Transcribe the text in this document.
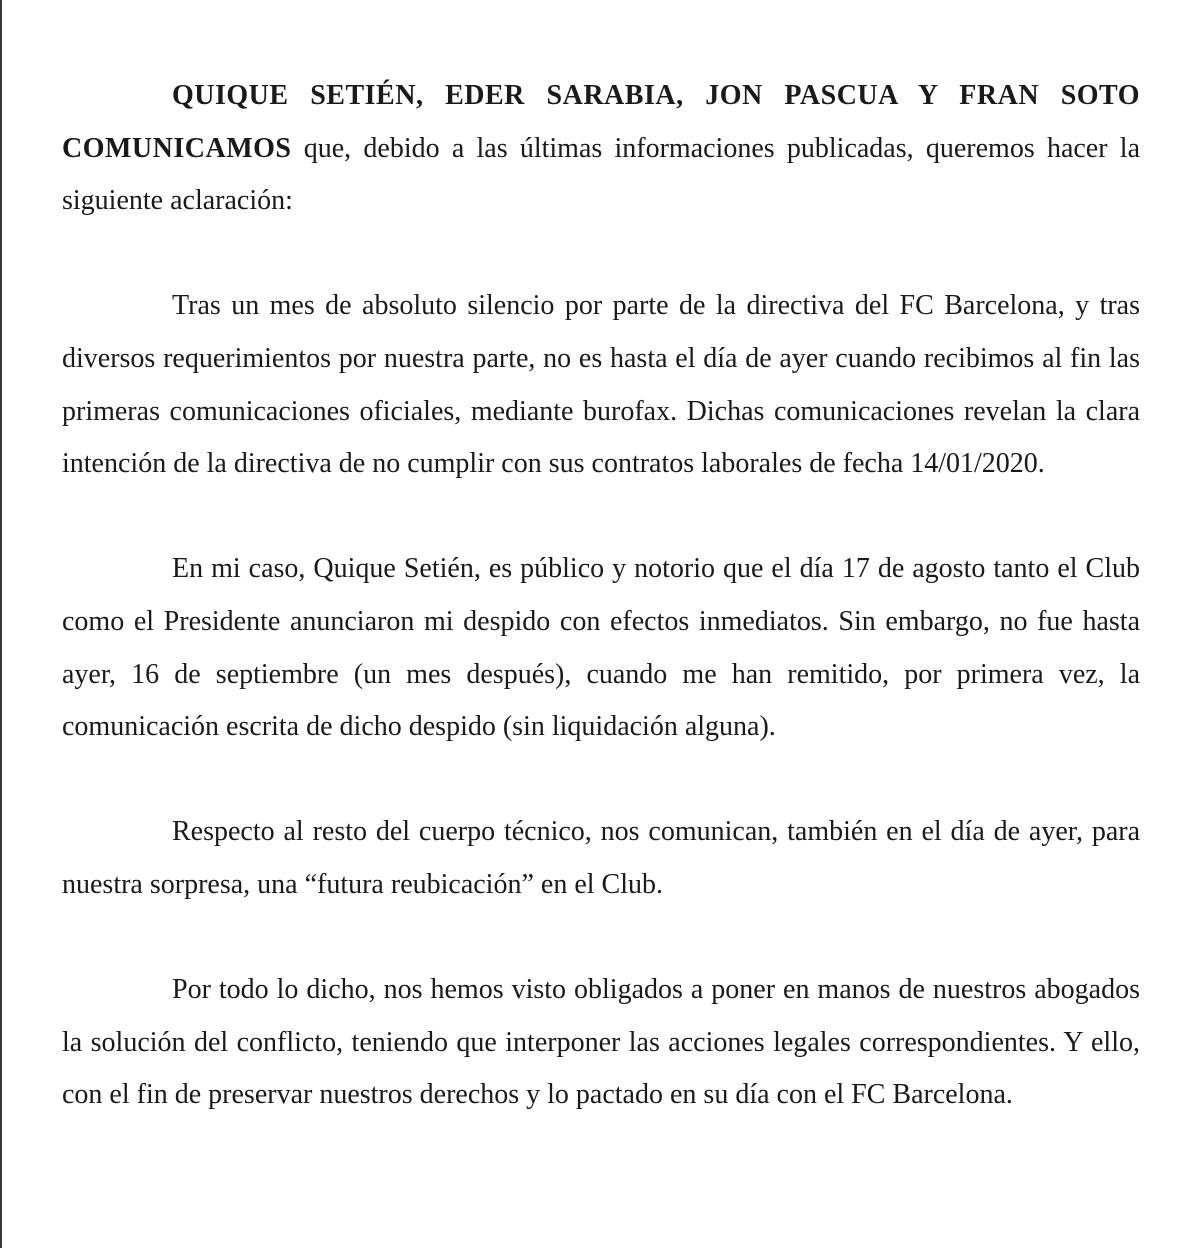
QUIQUE SETIÉN, EDER SARABIA, JON PASCUA Y FRAN SOTO COMUNICAMOS que, debido a las últimas informaciones publicadas, queremos hacer la siguiente aclaración:

Tras un mes de absoluto silencio por parte de la directiva del FC Barcelona, y tras diversos requerimientos por nuestra parte, no es hasta el día de ayer cuando recibimos al fin las primeras comunicaciones oficiales, mediante burofax. Dichas comunicaciones revelan la clara intención de la directiva de no cumplir con sus contratos laborales de fecha 14/01/2020.

En mi caso, Quique Setién, es público y notorio que el día 17 de agosto tanto el Club como el Presidente anunciaron mi despido con efectos inmediatos. Sin embargo, no fue hasta ayer, 16 de septiembre (un mes después), cuando me han remitido, por primera vez, la comunicación escrita de dicho despido (sin liquidación alguna).

Respecto al resto del cuerpo técnico, nos comunican, también en el día de ayer, para nuestra sorpresa, una “futura reubicación” en el Club.

Por todo lo dicho, nos hemos visto obligados a poner en manos de nuestros abogados la solución del conflicto, teniendo que interponer las acciones legales correspondientes. Y ello, con el fin de preservar nuestros derechos y lo pactado en su día con el FC Barcelona.
